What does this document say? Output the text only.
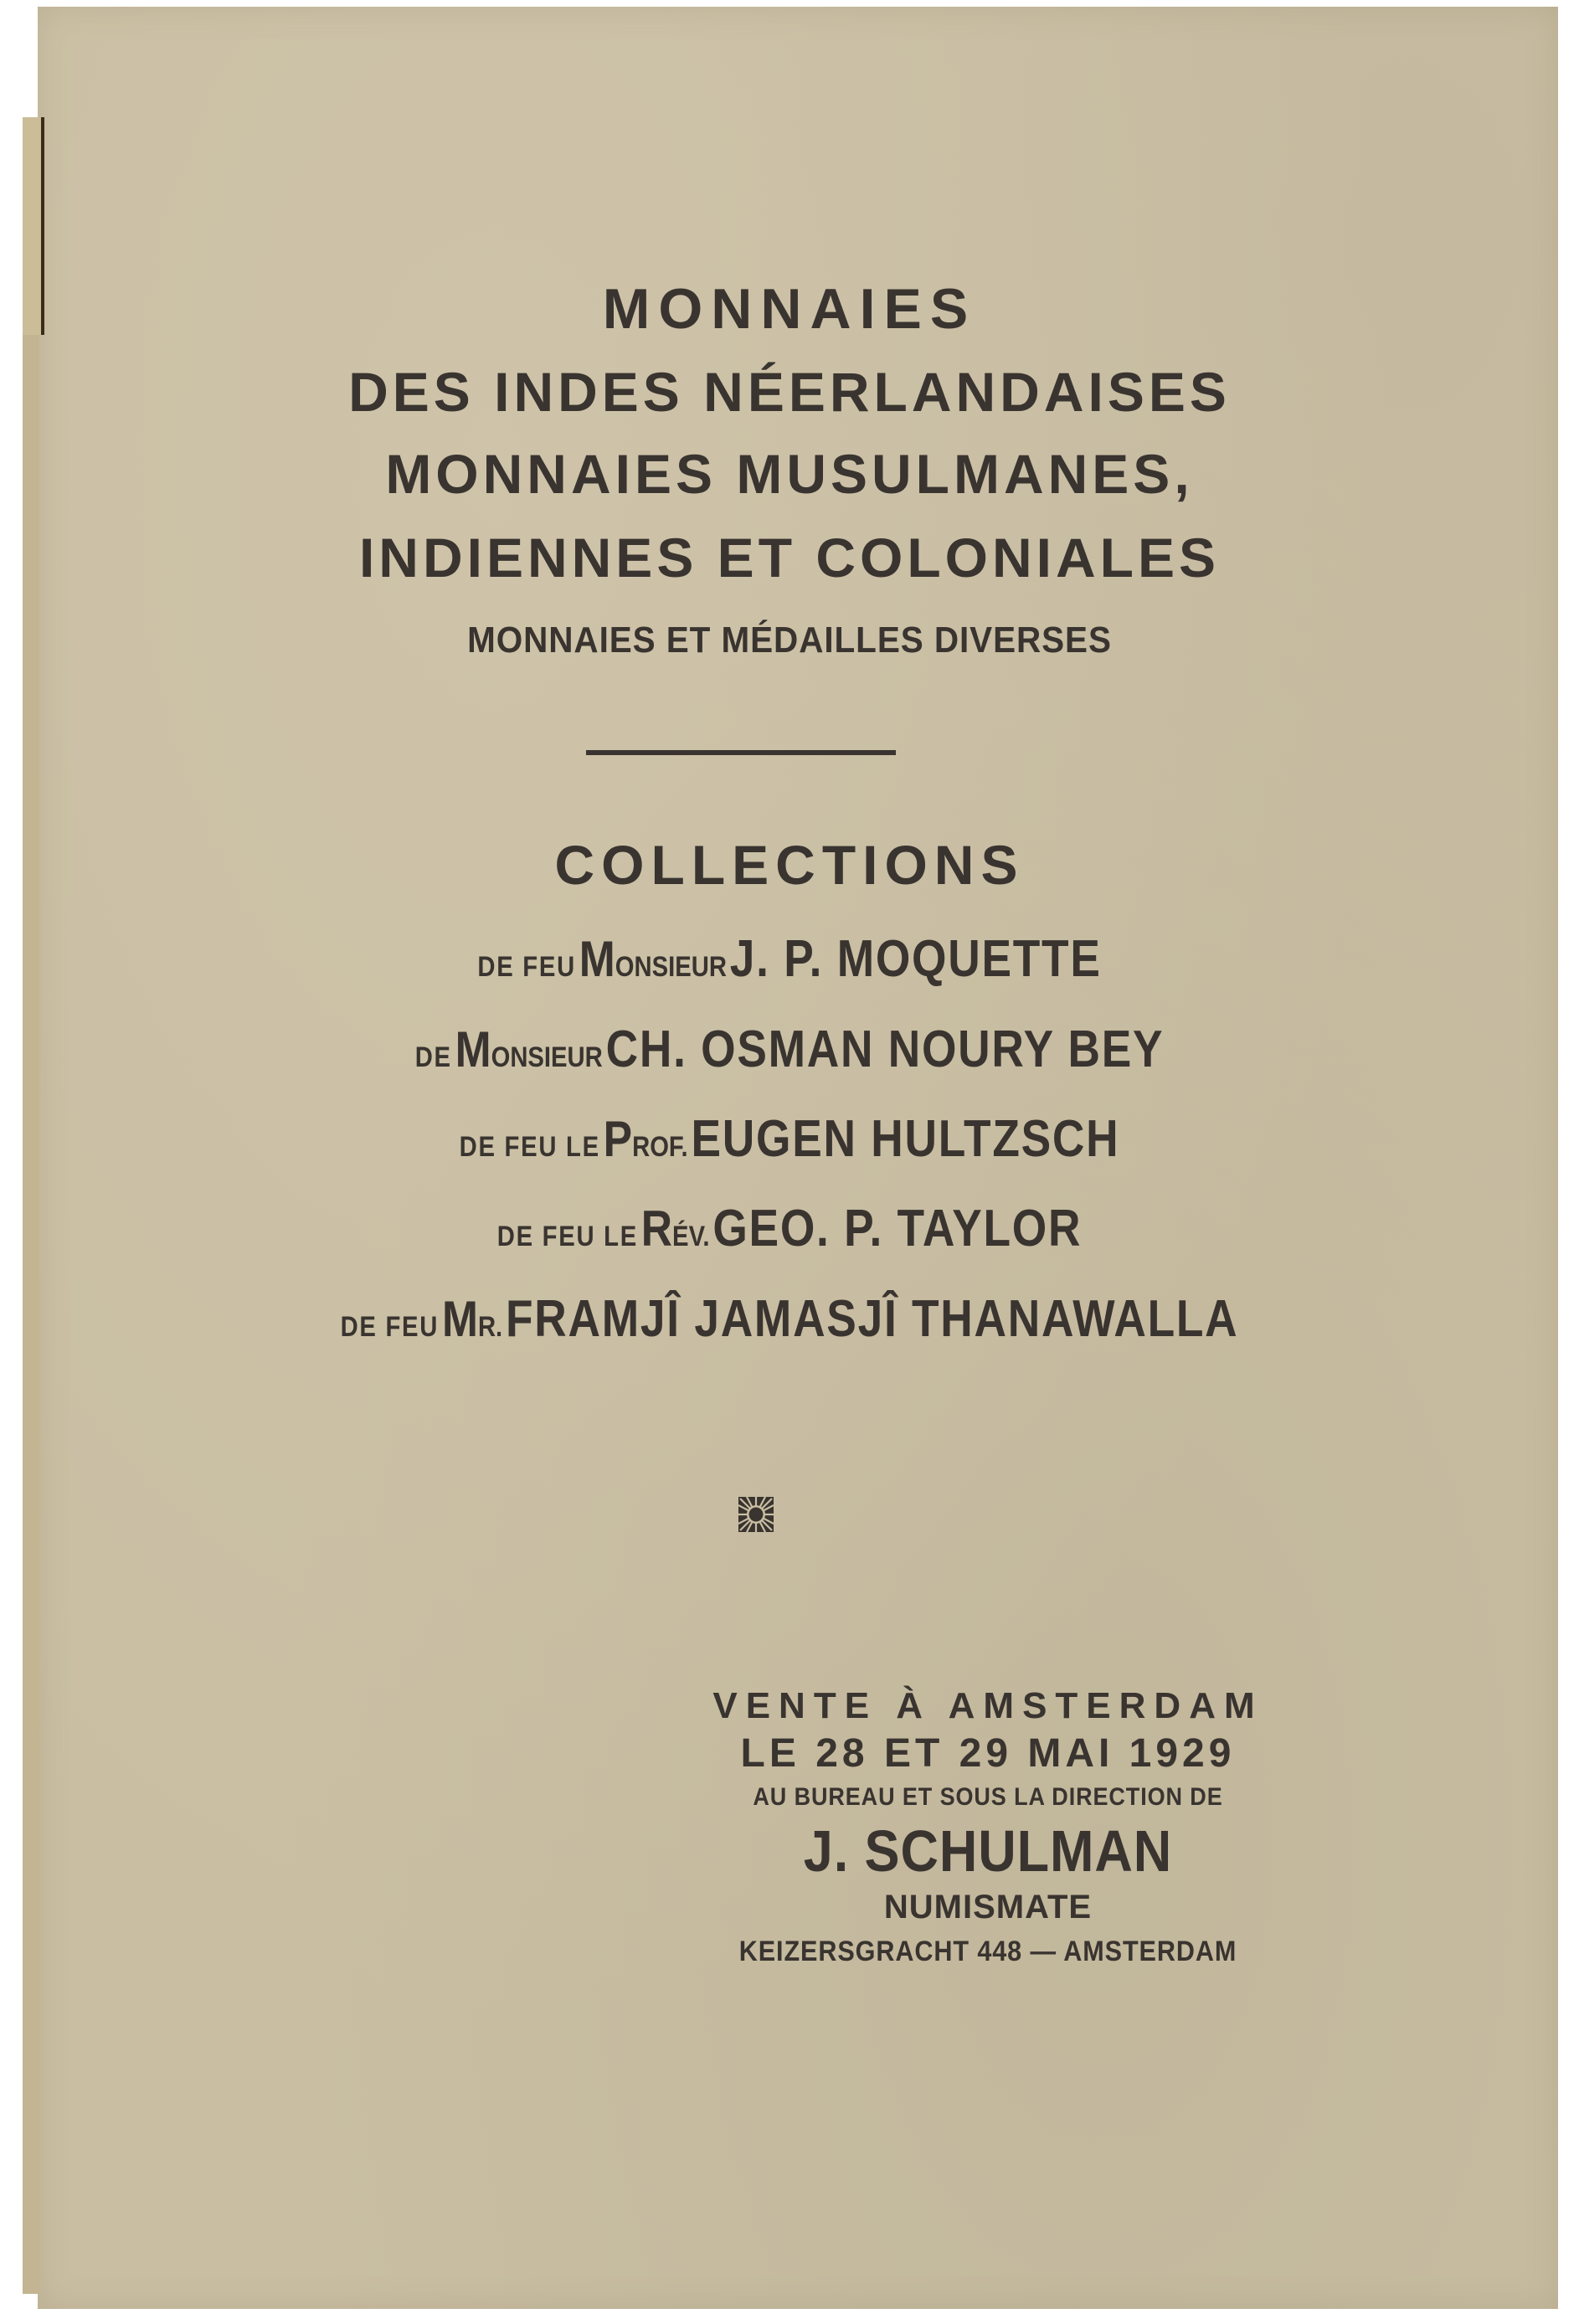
MONNAIES
DES INDES NÉERLANDAISES
MONNAIES MUSULMANES,
INDIENNES ET COLONIALES
MONNAIES ET MÉDAILLES DIVERSES
COLLECTIONS
DE FEU MONSIEUR J. P. MOQUETTE
DE MONSIEUR CH. OSMAN NOURY BEY
DE FEU LE PROF. EUGEN HULTZSCH
DE FEU LE RÉV. GEO. P. TAYLOR
DE FEU MR. FRAMJÎ JAMASJÎ THANAWALLA
VENTE À AMSTERDAM
LE 28 ET 29 MAI 1929
AU BUREAU ET SOUS LA DIRECTION DE
J. SCHULMAN
NUMISMATE
KEIZERSGRACHT 448 — AMSTERDAM
